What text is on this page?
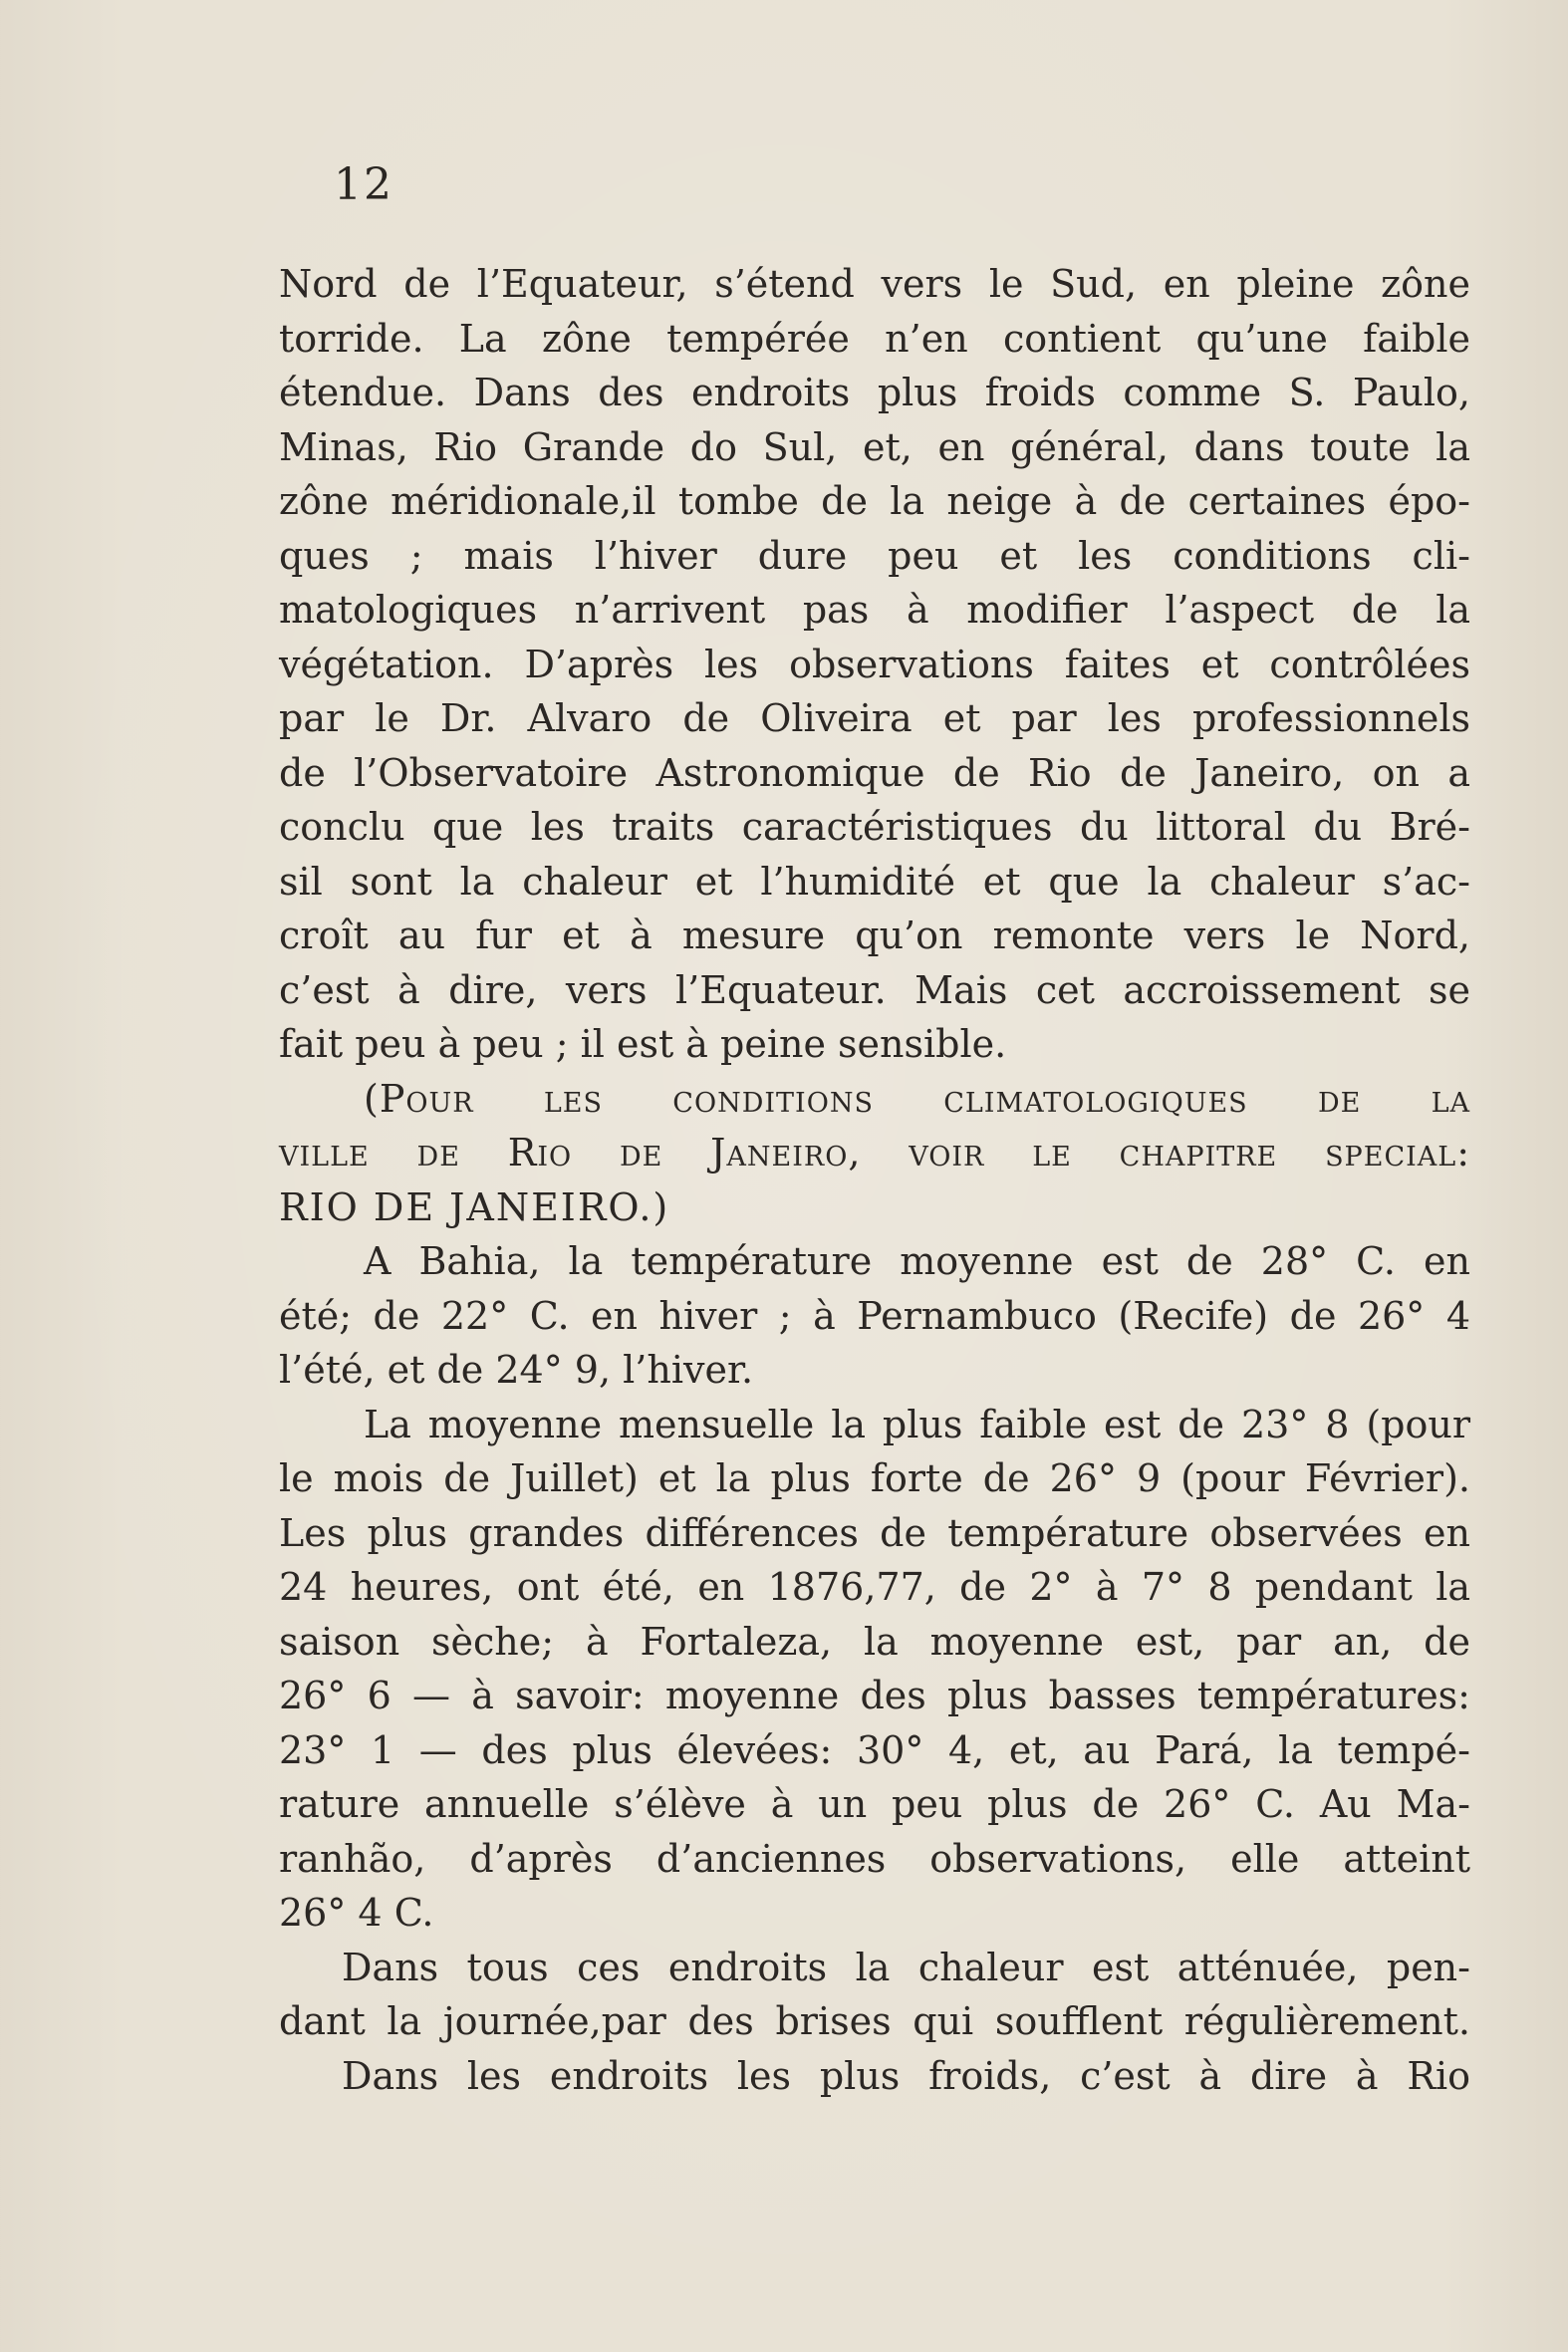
12
Nord de l’Equateur, s’étend vers le Sud, en pleine zône
torride. La zône tempérée n’en contient qu’une faible
étendue. Dans des endroits plus froids comme S. Paulo,
Minas, Rio Grande do Sul, et, en général, dans toute la
zône méridionale,il tombe de la neige à de certaines épo-
ques ; mais l’hiver dure peu et les conditions cli-
matologiques n’arrivent pas à modifier l’aspect de la
végétation. D’après les observations faites et contrôlées
par le Dr. Alvaro de Oliveira et par les professionnels
de l’Observatoire Astronomique de Rio de Janeiro, on a
conclu que les traits caractéristiques du littoral du Bré-
sil sont la chaleur et l’humidité et que la chaleur s’ac-
croît au fur et à mesure qu’on remonte vers le Nord,
c’est à dire, vers l’Equateur. Mais cet accroissement se
fait peu à peu ; il est à peine sensible.
(Pour les conditions climatologiques de la
ville de Rio de Janeiro, voir le chapitre special:
RIO DE JANEIRO.)
A Bahia, la température moyenne est de 28° C. en
été; de 22° C. en hiver ; à Pernambuco (Recife) de 26° 4
l’été, et de 24° 9, l’hiver.
La moyenne mensuelle la plus faible est de 23° 8 (pour
le mois de Juillet) et la plus forte de 26° 9 (pour Février).
Les plus grandes différences de température observées en
24 heures, ont été, en 1876,77, de 2° à 7° 8 pendant la
saison sèche; à Fortaleza, la moyenne est, par an, de
26° 6 — à savoir: moyenne des plus basses températures:
23° 1 — des plus élevées: 30° 4, et, au Pará, la tempé-
rature annuelle s’élève à un peu plus de 26° C. Au Ma-
ranhão, d’après d’anciennes observations, elle atteint
26° 4 C.
Dans tous ces endroits la chaleur est atténuée, pen-
dant la journée,par des brises qui soufflent régulièrement.
Dans les endroits les plus froids, c’est à dire à Rio
